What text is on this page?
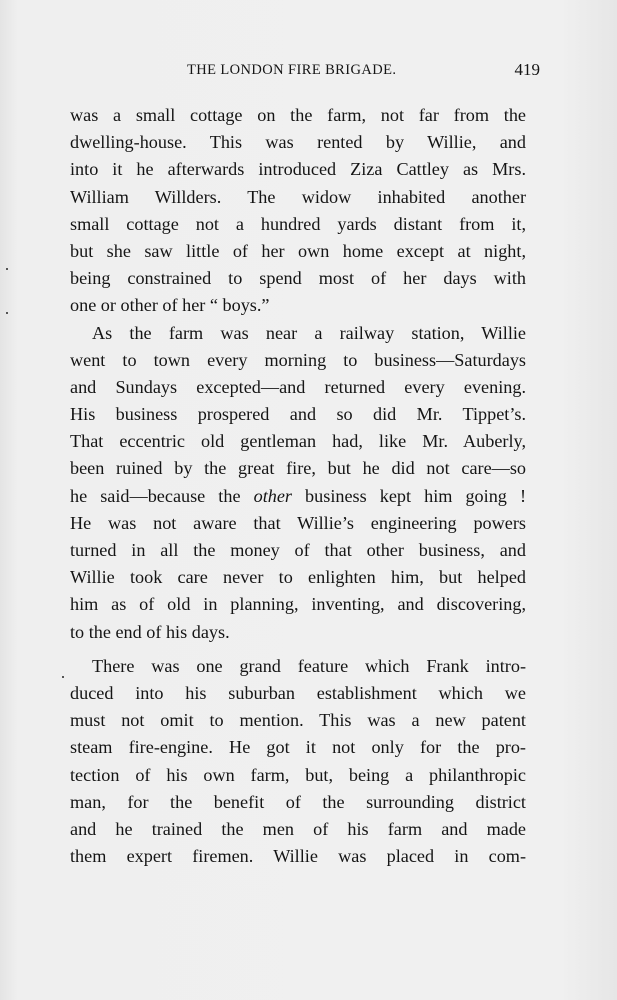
THE LONDON FIRE BRIGADE.	419
was a small cottage on the farm, not far from the
dwelling-house. This was rented by Willie, and
into it he afterwards introduced Ziza Cattley as Mrs.
William Willders. The widow inhabited another
small cottage not a hundred yards distant from it,
but she saw little of her own home except at night,
being constrained to spend most of her days with
one or other of her “ boys.”
As the farm was near a railway station, Willie
went to town every morning to business—Saturdays
and Sundays excepted—and returned every evening.
His business prospered and so did Mr. Tippet’s.
That eccentric old gentleman had, like Mr. Auberly,
been ruined by the great fire, but he did not care—so
he said—because the other business kept him going !
He was not aware that Willie’s engineering powers
turned in all the money of that other business, and
Willie took care never to enlighten him, but helped
him as of old in planning, inventing, and discovering,
to the end of his days.
There was one grand feature which Frank intro-
duced into his suburban establishment which we
must not omit to mention. This was a new patent
steam fire-engine. He got it not only for the pro-
tection of his own farm, but, being a philanthropic
man, for the benefit of the surrounding district
and he trained the men of his farm and made
them expert firemen. Willie was placed in com-
